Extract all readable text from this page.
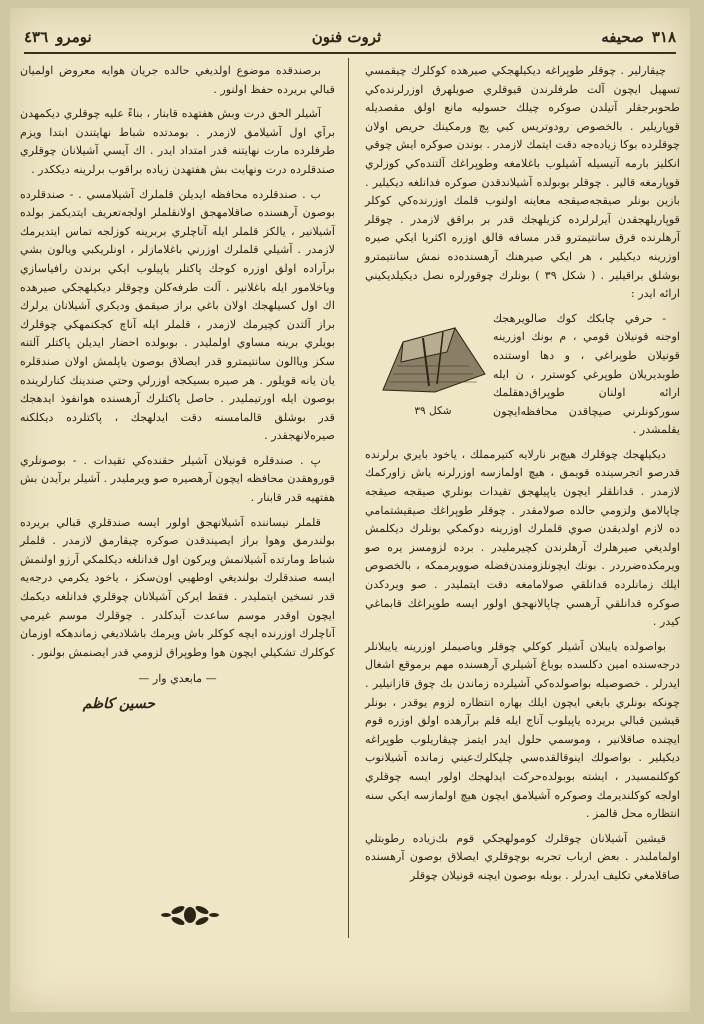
٣١٨
صحيفه
ثروت فنون
نومرو
٤٣٦

چيقارلير . چوقلر طوپراغه ديكيلهجكي صيرهده كوكلرك چيقمسي تسهيل ايچون آلت طرفلرندن قيوقلري صويلهرق اوزرلرنده‌كي طحوبرجقلر آتيلدن صوكره چيلك حسوليه مانع اولق مقصديله قوپاريلير . بالخصوص رودوتريس كبي پچ ورمكينك حريص اولان چوقلرده بوكا زياده‌جه دقت ايتمك لازمدر . بوندن صوكره ايش چوقي انكليز بارمه آتيسيله آشيلوب باغلامغه وطوپراغك آلتنده‌كي كوزلري قوپارمغه قالير . چوقلر بوبولده آشيلاندقدن صوكره فدانلغه ديكيلير . بازين بونلر صيقجه‌صيقجه معاينه اولنوب قلمك اوزرنده‌كي كوكلر قوپاريلهجقدن آيرلرلرده كزيلهجك قدر بر براقق لازمدر . چوقلر آرهلرنده فرق سانتيمترو قدر مسافه قالق اوزره اكثريا ايكي صيره اوزرينه ديكيلير ، هر ايكي صيرهنك آرهسنده‌ده نمش سانتيمترو بوشلق براقيلير . ( شكل ٣٩ ) بونلرك چوقورلره نصل ديكيلديكيني ارائه ايدر :

شكل ٣٩

- حرفي چابكك كوك صالويرهجك اوجنه قونيلان قومي ، م بونك اوزرينه قونيلان طوپراغي ، و دها اوستنده طوبديريلان طوپرغي كوسترر ، ن ايله ارائه اولنان طوپراق‌دهقلمك سوركونلرني صيچاقدن محافظه‌ايچون يقلمشدر .

ديكيلهجك چوقلرك هيچ‌بر نارلايه كتيرمملك ، ياخود بايري برلرنده قدرصو اتجرسينده قويمق ، هيچ اولمازسه اوزرلرنه ياش زاوركمك لازمدر . قدانلقلر ايچون ياپيلهجق تقيدات بونلري صيقجه صيقجه چاپالامق ولزومي حالده صولامقدر . چوقلر طوپراغك صيقيشتمامي ده لازم اولديقدن صوي قلملرك اوزرينه دوكمكي بونلرك ديكلمش اولديغي صيرهلرك آرهلرندن كچيرمليدر . برده لزومسز يره صو ويرمكده‌ضرردر . بونك ايچونلزومندن‌فضله صوويرممكه ، بالخصوص ايلك زمانلرده قدانلقي صولامامغه دقت ايتمليدر . صو ويردكدن صوكره قدانلقي آرهسي چاپالانهجق اولور ايسه طوپراغك قابماغي كيدر .

بواصولده يايبلان آشيلر كوكلي چوقلر وياصيملر اوزرينه يايبلانلر درجه‌سنده امين دكلسده بوباغ آشيلري آرهسنده مهم برموقع اشغال ايدرلر . خصوصيله بواصولده‌كي آشيلرده زماندن بك چوق قازانيلير . چونكه بونلري بايغي ايچون ايلك بهاره انتظاره لزوم يوقدر ، بونلر قيشين قبالي بريرده ياپيلوب آناج ايله قلم برآرهده اولق اوزره قوم ايچنده صاقلانير ، وموسمي حلول ايدر ايتمز چيقاريلوب طوپراغه ديكيلير . بواصولك اينوقالقده‌سي چليكلرك‌عيني زمانده آشيلانوب كوكلنمسيدر ، ايشته بوبولده‌حركت ايدلهجك اولور ايسه چوقلري اولجه كوكلنديرمك وصوكره آشيلامق ايچون هيچ اولمازسه ايكي سنه انتظاره محل قالمز .

قيشين آشيلانان چوقلرك كومولهجكي قوم بك‌زياده رطوبتلي اولماملبدر . بعض ارباب تجربه بوچوقلري ايصلاق بوصون آرهسنده صاقلامغي تكليف ايدرلر . بوبله بوصون ايچنه قونيلان چوقلر

برصندقده موضوع اولديغي حالده جريان هوايه معروض اولميان قبالي بريرده حفظ اولنور .

آشيلر الحق درت وبش هفتهده قابنار ، بناءً عليه چوقلري ديكمهدن برآي اول آشيلامق لازمدر . بومدتده شباط نهايتندن ابتدا ويزم طرفلرده مارت نهايتنه قدر امتداد ايدر . اك آيسي آشيلانان چوقلري صندقلرده درت ونهايت بش هفتهدن زياده براقوب برلرينه ديككدر .

ب . صندقلرده محافظه ايديلن قلملرك آشيلامسي . - صندقلرده بوصون آرهسنده صاقلامهجق اولانقلملر اولجه‌تعريف ايتديكمز بولده آشيلانير ، يالكز قلملر ايله آناچلري بربرينه كوزلجه تماس ايتديرمك لازمدر . آشيلي قلملرك اوزرني باغلامازلر ، اونلريكبي ويالون بشي برآراده اولق اوزره كوجك پاكتلر ياپيلوب ايكي برندن رافياسازي وياخلامور ايله باغلانير . آلت طرفه‌كلن وچوقلر ديكيلهجكي صيرهده اك اول كسيلهجك اولان باغي براز صيقمق وديكري آشيلانان يرلرك براز آلتدن كچيرمك لازمدر ، قلملر ايله آناچ كجكنمهكي چوقلرك بويلري برينه مساوي اولمليدر . بوبولده احضار ايديلن پاكتلر آلتنه سكز وياالون سانتيمترو قدر ايصلاق بوصون ياپلمش اولان صندقلره يان يانه قويلور . هر صيره بسيكجه اوزرلي وحتي صندينك كنارلرينده بوصون ايله اورتيمليدر . حاصل پاكتلرك آرهسنده هوانفوذ ايدهجك قدر بوشلق قالمامسنه دقت ايدلهجك ، پاكتلرده ديكلكنه صيره‌لانهجقدر .

پ . صندقلره قونيلان آشيلر حقنده‌كي تقيدات . - بوصونلري قوروهقدن محافظه ايچون آرهصيره صو ويرمليدر . آشيلر برآيدن بش هفتهيه قدر قابنار .

قلملر نيساننده آشيلانهجق اولور ايسه صندقلري قبالي بريرده بولندرمق وهوا براز ايصيندقدن صوكره چيقارمق لازمدر . قلملر شباط ومارتده آشيلانمش ويركون اول فدانلغه ديكلمكي آرزو اولنمش ايسه صندقلرك بولنديغي اوطهيي اون‌سكز ، ياخود يكرمي درجه‌يه قدر تسخين ايتمليدر . فقط ايركن آشيلانان چوقلري فدانلغه ديكمك ايچون اوقدر موسم ساعدت آيدكلدر . چوقلرك موسم غيرمي آناچلرك اوزرنده ايچه كوكلر باش ويرمك باشلاديغي زماندهكه اوزمان كوكلرك تشكيلي ايچون هوا وطوپراق لزومي قدر ايصنمش بولنور .

— مابعدي وار —
حسين كاظم
